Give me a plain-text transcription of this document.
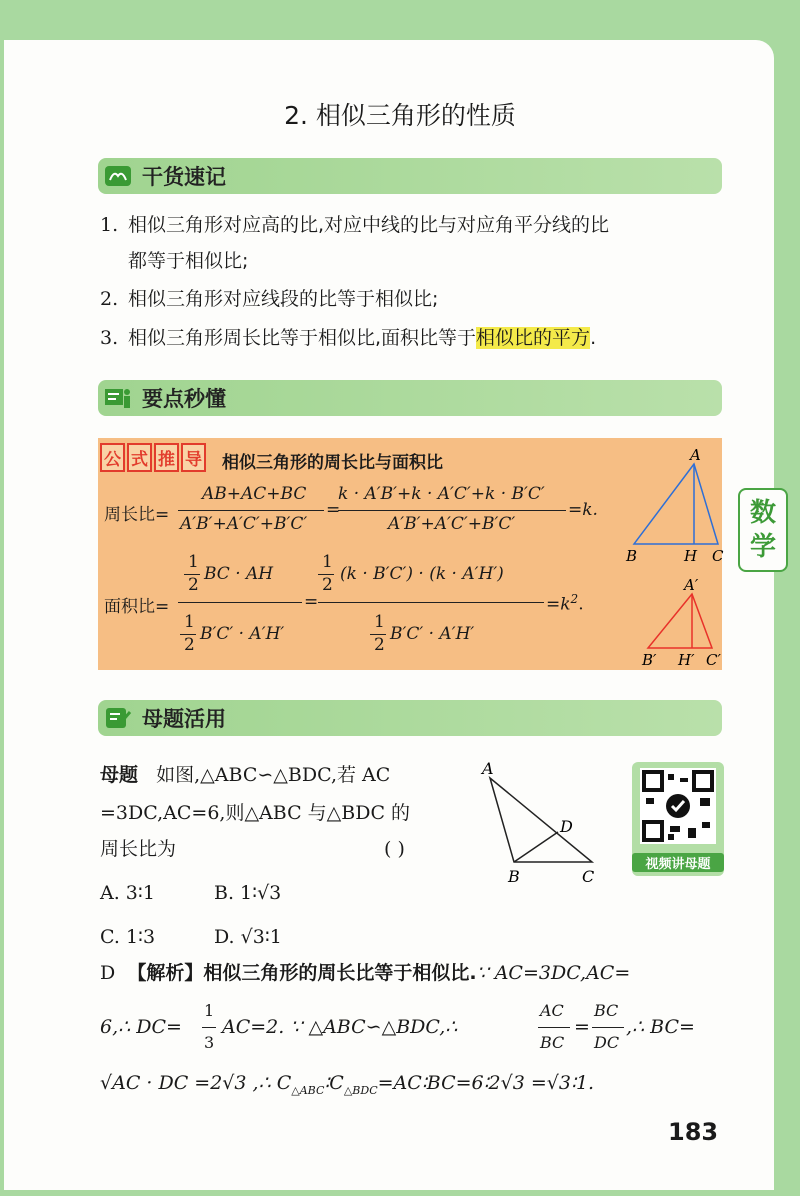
数
学
2. 相似三角形的性质
干货速记
1. 相似三角形对应高的比,对应中线的比与对应角平分线的比
都等于相似比;
2. 相似三角形对应线段的比等于相似比;
3. 相似三角形周长比等于相似比,面积比等于相似比的平方.
要点秒懂
公 式 推 导 相似三角形的周长比与面积比
周长比=
AB+AC+BC
A′B′+A′C′+B′C′
=
k · A′B′+k · A′C′+k · B′C′
A′B′+A′C′+B′C′
=k.
面积比=
1
2
BC · AH
1
2
B′C′ · A′H′
=
1
2
(k · B′C′) · (k · A′H′)
1
2
B′C′ · A′H′
$=k^2$.
A
B	H C
A′
B′ H′ C′
母题活用
母题 如图,△ABC∽△BDC,若 AC
=3DC,AC=6,则△ABC 与△BDC 的
周长比为	( )
A. 3∶1	B. 1∶√3
C. 1∶3	D. √3∶1
A
B	C
D
视频讲母题
D 【解析】相似三角形的周长比等于相似比.∵ AC=3DC,AC=
6,∴ DC=
1
3
AC=2. ∵ △ABC∽△BDC,∴
AC
BC
=
BC
DC
,∴ BC=
√AC · DC =2√3 ,∴ $C_{\triangle ABC}∶C_{\triangle BDC}=AC∶BC=6∶2√3$ =√3∶1.
183
